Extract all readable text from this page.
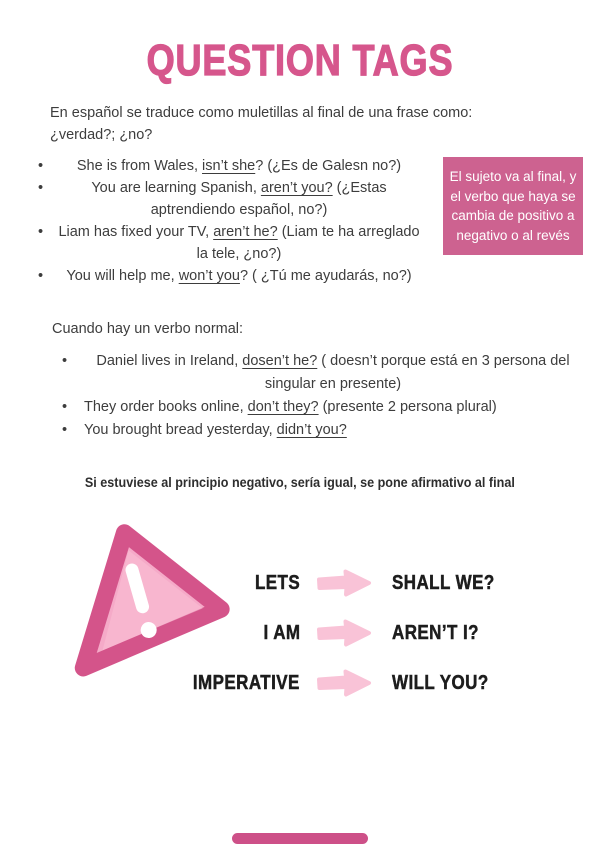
QUESTION TAGS
En español se traduce como muletillas al final de una frase como:
¿verdad?; ¿no?
•	She is from Wales, isn’t she? (¿Es de Galesn no?)
•	You are learning Spanish, aren’t you? (¿Estas aptrendiendo español, no?)
•	Liam has fixed your TV, aren’t he? (Liam te ha arreglado la tele, ¿no?)
•	You will help me, won’t you? ( ¿Tú me ayudarás, no?)
El sujeto va al final, y el verbo que haya se cambia de positivo a negativo o al revés
Cuando hay un verbo normal:
•	Daniel lives in Ireland, dosen’t he? ( doesn’t porque está en 3 persona del singular en presente)
•	They order books online, don’t they? (presente 2 persona plural)
•	You brought bread yesterday, didn’t you?
Si estuviese al principio negativo, sería igual, se pone afirmativo al final
LETS	SHALL WE?
I AM	AREN’T I?
IMPERATIVE	WILL YOU?
